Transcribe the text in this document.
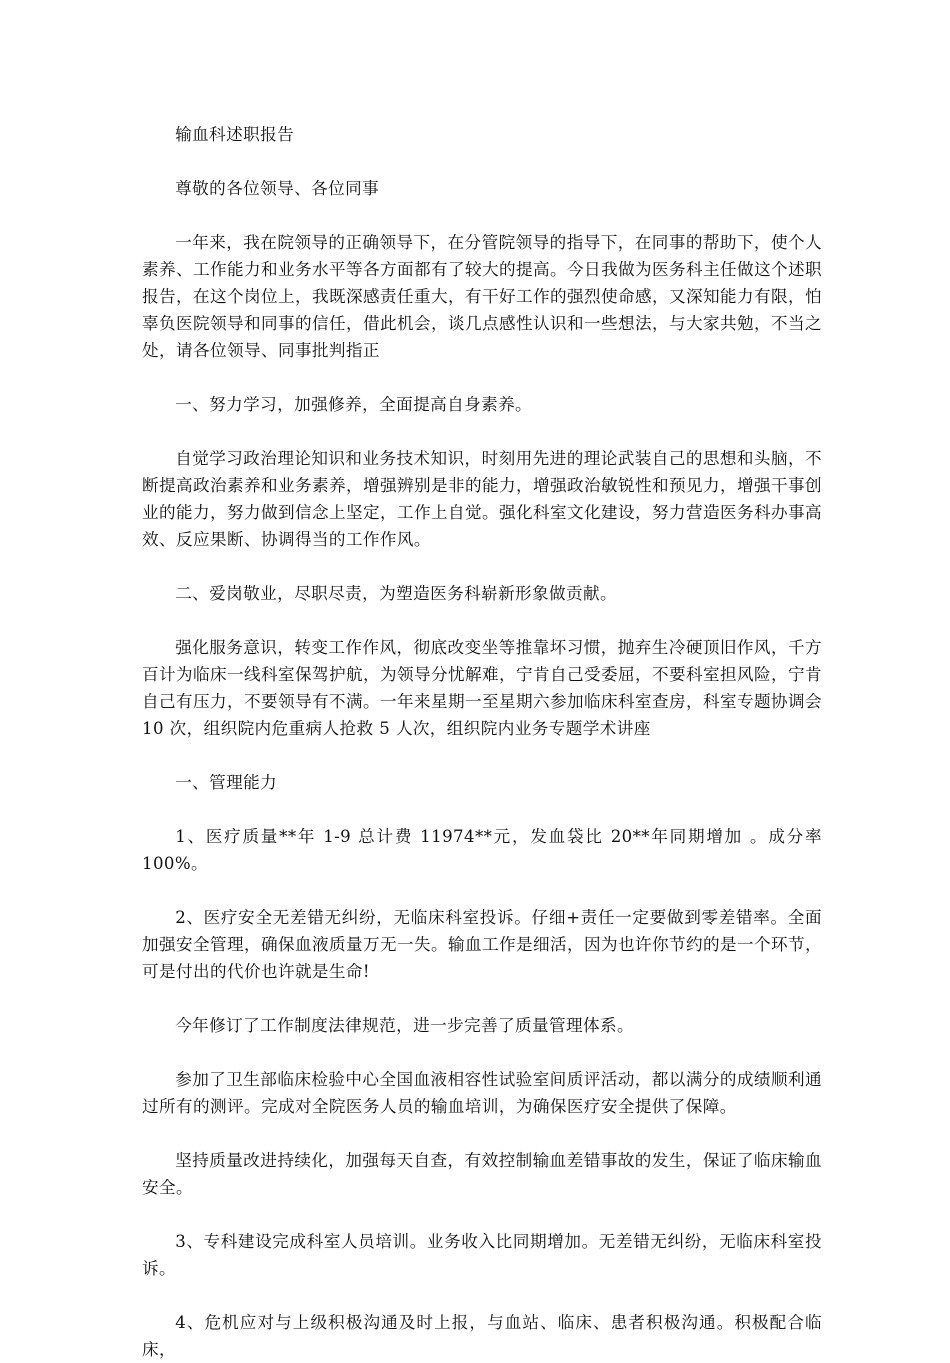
输血科述职报告

尊敬的各位领导、各位同事

一年来，我在院领导的正确领导下，在分管院领导的指导下，在同事的帮助下，使个人素养、工作能力和业务水平等各方面都有了较大的提高。今日我做为医务科主任做这个述职报告，在这个岗位上，我既深感责任重大，有干好工作的强烈使命感，又深知能力有限，怕辜负医院领导和同事的信任，借此机会，谈几点感性认识和一些想法，与大家共勉，不当之处，请各位领导、同事批判指正

一、努力学习，加强修养，全面提高自身素养。

自觉学习政治理论知识和业务技术知识，时刻用先进的理论武装自己的思想和头脑，不断提高政治素养和业务素养，增强辨别是非的能力，增强政治敏锐性和预见力，增强干事创业的能力，努力做到信念上坚定，工作上自觉。强化科室文化建设，努力营造医务科办事高效、反应果断、协调得当的工作作风。

二、爱岗敬业，尽职尽责，为塑造医务科崭新形象做贡献。

强化服务意识，转变工作作风，彻底改变坐等推靠坏习惯，抛弃生冷硬顶旧作风，千方百计为临床一线科室保驾护航，为领导分忧解难，宁肯自己受委屈，不要科室担风险，宁肯自己有压力，不要领导有不满。一年来星期一至星期六参加临床科室查房，科室专题协调会 10 次，组织院内危重病人抢救 5 人次，组织院内业务专题学术讲座

一、管理能力

1、医疗质量**年 1-9 总计费 11974**元，发血袋比 20**年同期增加 。成分率 100%。

2、医疗安全无差错无纠纷，无临床科室投诉。仔细+责任一定要做到零差错率。全面加强安全管理，确保血液质量万无一失。输血工作是细活，因为也许你节约的是一个环节，可是付出的代价也许就是生命!

今年修订了工作制度法律规范，进一步完善了质量管理体系。

参加了卫生部临床检验中心全国血液相容性试验室间质评活动，都以满分的成绩顺利通过所有的测评。完成对全院医务人员的输血培训，为确保医疗安全提供了保障。

坚持质量改进持续化，加强每天自查，有效控制输血差错事故的发生，保证了临床输血安全。

3、专科建设完成科室人员培训。业务收入比同期增加。无差错无纠纷，无临床科室投诉。

4、危机应对与上级积极沟通及时上报，与血站、临床、患者积极沟通。积极配合临床，
